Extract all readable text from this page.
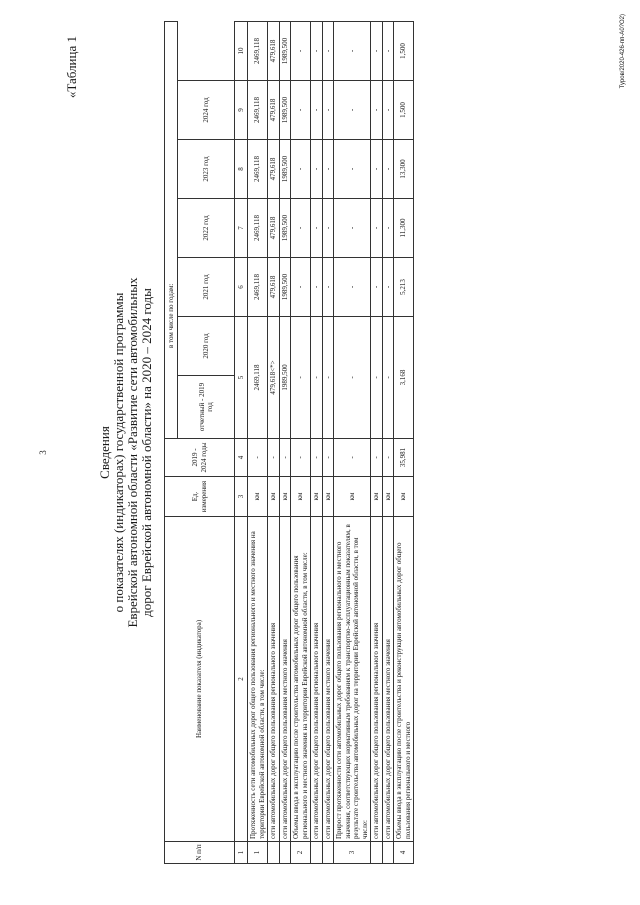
3
«Таблица 1
Сведения о показателях (индикаторах) государственной программы Еврейской автономной области «Развитие сети автомобильных дорог Еврейской автономной области» на 2020 – 2024 годы
N п/п	Наименование показателя (индикатора)	Ед. измерения	2019 - 2024 годы	в том числе по годам:						
				отчетный - 2019 год	2020 год	2021 год	2022 год	2023 год	2024 год	
1	2	3	4	5		6	7	8	9	10
1	Протяженность сети автомобильных дорог общего пользования регионального и местного значения на территории Еврейской автономной области, в том числе:	км	-	2469,118		2469,118	2469,118	2469,118	2469,118	2469,118
	сети автомобильных дорог общего пользования регионального значения	км	-	479,618<*>		479,618	479,618	479,618	479,618	479,618
	сети автомобильных дорог общего пользования местного значения	км	-	1989,500		1989,500	1989,500	1989,500	1989,500	1989,500
2	Объемы ввода в эксплуатацию после строительства автомобильных дорог общего пользования регионального и местного значения на территории Еврейской автономной области, в том числе:	км	-	-		-	-	-	-	-
	сети автомобильных дорог общего пользования регионального значения	км	-	-		-	-	-	-	-
	сети автомобильных дорог общего пользования местного значения	км	-	-		-	-	-	-	-
3	Прирост протяженности сети автомобильных дорог общего пользования регионального и местного значения, соответствующих нормативным требованиям к транспортно-эксплуатационным показателям, в результате строительства автомобильных дорог на территории Еврейской автономной области, в том числе:	км	-	-		-	-	-	-	-
	сети автомобильных дорог общего пользования регионального значения	км	-	-		-	-	-	-	-
	сети автомобильных дорог общего пользования местного значения	км	-	-		-	-	-	-	-
4	Объемы ввода в эксплуатацию после строительства и реконструкции автомобильных дорог общего пользования регионального и местного	км	35,981	3,168		5,213	11,300	13,300	1,500	1,500	Туров/2020-426-пп-А0?О2)
